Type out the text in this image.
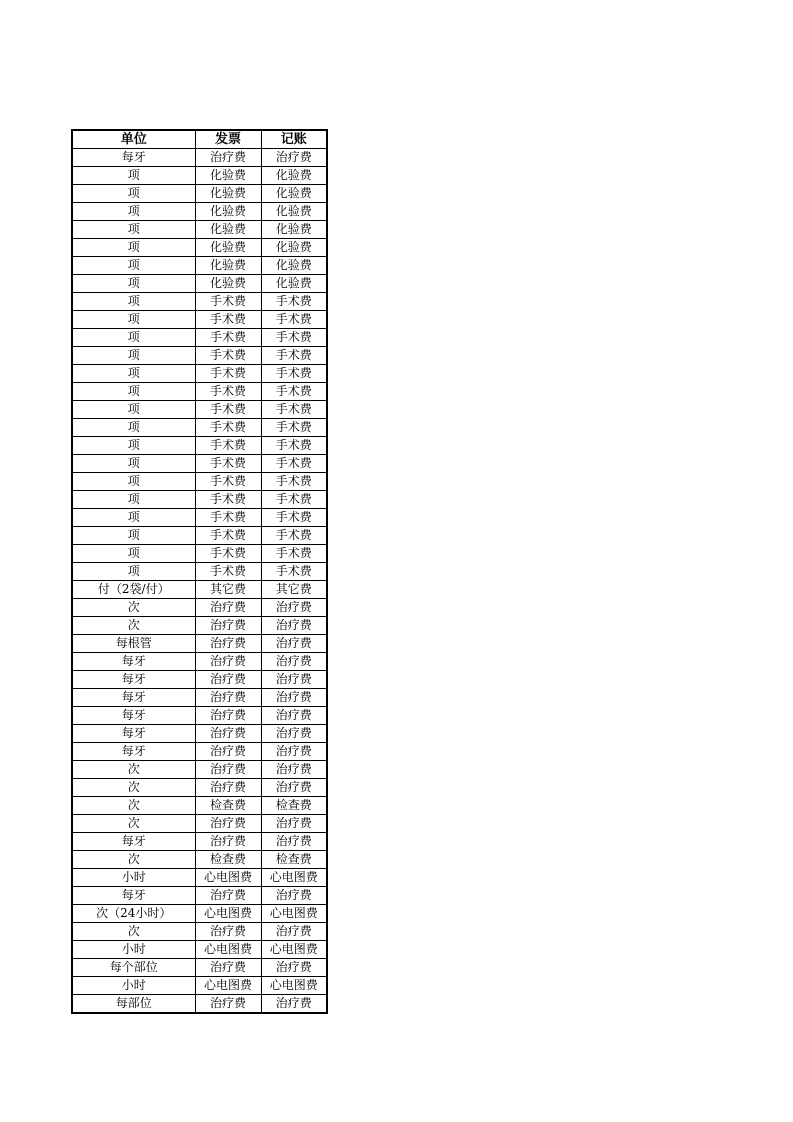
单位	发票	记账
每牙	治疗费	治疗费
项	化验费	化验费
项	化验费	化验费
项	化验费	化验费
项	化验费	化验费
项	化验费	化验费
项	化验费	化验费
项	化验费	化验费
项	手术费	手术费
项	手术费	手术费
项	手术费	手术费
项	手术费	手术费
项	手术费	手术费
项	手术费	手术费
项	手术费	手术费
项	手术费	手术费
项	手术费	手术费
项	手术费	手术费
项	手术费	手术费
项	手术费	手术费
项	手术费	手术费
项	手术费	手术费
项	手术费	手术费
项	手术费	手术费
付（2袋/付）	其它费	其它费
次	治疗费	治疗费
次	治疗费	治疗费
每根管	治疗费	治疗费
每牙	治疗费	治疗费
每牙	治疗费	治疗费
每牙	治疗费	治疗费
每牙	治疗费	治疗费
每牙	治疗费	治疗费
每牙	治疗费	治疗费
次	治疗费	治疗费
次	治疗费	治疗费
次	检查费	检查费
次	治疗费	治疗费
每牙	治疗费	治疗费
次	检查费	检查费
小时	心电图费	心电图费
每牙	治疗费	治疗费
次（24小时）	心电图费	心电图费
次	治疗费	治疗费
小时	心电图费	心电图费
每个部位	治疗费	治疗费
小时	心电图费	心电图费
每部位	治疗费	治疗费
